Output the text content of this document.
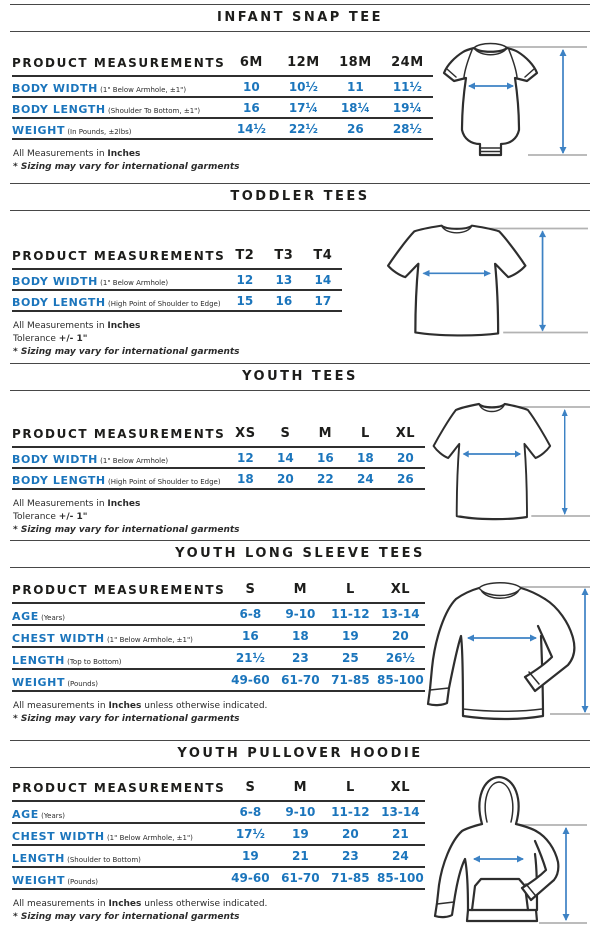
INFANT SNAP TEE
PRODUCT MEASUREMENTS	6M	12M	18M	24M
BODY WIDTH (1" Below Armhole, ±1")	10	10½	11	11½
BODY LENGTH (Shoulder To Bottom, ±1")	16	17¼	18¼	19¼
WEIGHT (In Pounds, ±2lbs)	14½	22½	26	28½

All Measurements in Inches

* Sizing may vary for international garments

TODDLER TEES
PRODUCT MEASUREMENTS	T2	T3	T4
BODY WIDTH (1" Below Armhole)	12	13	14
BODY LENGTH (High Point of Shoulder to Edge)	15	16	17

All Measurements in Inches

Tolerance +/- 1"

* Sizing may vary for international garments

YOUTH TEES
PRODUCT MEASUREMENTS	XS	S	M	L	XL
BODY WIDTH (1" Below Armhole)	12	14	16	18	20
BODY LENGTH (High Point of Shoulder to Edge)	18	20	22	24	26

All Measurements in Inches

Tolerance +/- 1"

* Sizing may vary for international garments

YOUTH LONG SLEEVE TEES
PRODUCT MEASUREMENTS	S	M	L	XL
AGE (Years)	6-8	9-10	11-12	13-14
CHEST WIDTH (1" Below Armhole, ±1")	16	18	19	20
LENGTH (Top to Bottom)	21½	23	25	26½
WEIGHT (Pounds)	49-60	61-70	71-85	85-100

All measurements in Inches unless otherwise indicated.

* Sizing may vary for international garments

YOUTH PULLOVER HOODIE
PRODUCT MEASUREMENTS	S	M	L	XL
AGE (Years)	6-8	9-10	11-12	13-14
CHEST WIDTH (1" Below Armhole, ±1")	17½	19	20	21
LENGTH (Shoulder to Bottom)	19	21	23	24
WEIGHT (Pounds)	49-60	61-70	71-85	85-100

All measurements in Inches unless otherwise indicated.

* Sizing may vary for international garments
